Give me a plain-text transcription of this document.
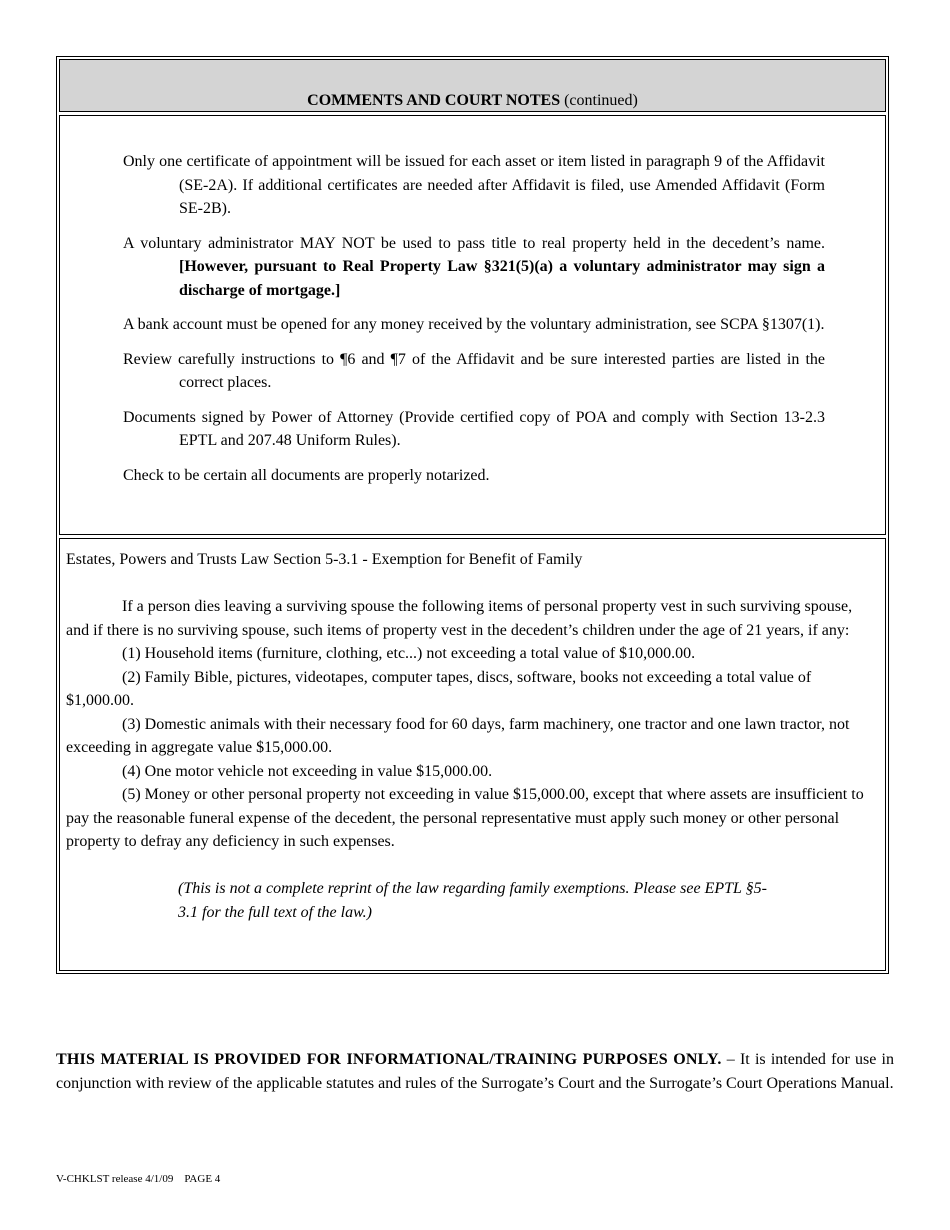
COMMENTS AND COURT NOTES (continued)

Only one certificate of appointment will be issued for each asset or item listed in paragraph 9 of the Affidavit (SE-2A). If additional certificates are needed after Affidavit is filed, use Amended Affidavit (Form SE-2B).

A voluntary administrator MAY NOT be used to pass title to real property held in the decedent’s name. [However, pursuant to Real Property Law §321(5)(a) a voluntary administrator may sign a discharge of mortgage.]

A bank account must be opened for any money received by the voluntary administration, see SCPA §1307(1).

Review carefully instructions to ¶6 and ¶7 of the Affidavit and be sure interested parties are listed in the correct places.

Documents signed by Power of Attorney (Provide certified copy of POA and comply with Section 13-2.3 EPTL and 207.48 Uniform Rules).

Check to be certain all documents are properly notarized.

Estates, Powers and Trusts Law Section 5-3.1 - Exemption for Benefit of Family

If a person dies leaving a surviving spouse the following items of personal property vest in such surviving spouse, and if there is no surviving spouse, such items of property vest in the decedent’s children under the age of 21 years, if any:

(1) Household items (furniture, clothing, etc...) not exceeding a total value of $10,000.00.

(2) Family Bible, pictures, videotapes, computer tapes, discs, software, books not exceeding a total value of $1,000.00.

(3) Domestic animals with their necessary food for 60 days, farm machinery, one tractor and one lawn tractor, not exceeding in aggregate value $15,000.00.

(4) One motor vehicle not exceeding in value $15,000.00.

(5) Money or other personal property not exceeding in value $15,000.00, except that where assets are insufficient to pay the reasonable funeral expense of the decedent, the personal representative must apply such money or other personal property to defray any deficiency in such expenses.

(This is not a complete reprint of the law regarding family exemptions. Please see EPTL §5-3.1 for the full text of the law.)

THIS MATERIAL IS PROVIDED FOR INFORMATIONAL/TRAINING PURPOSES ONLY. – It is intended for use in conjunction with review of the applicable statutes and rules of the Surrogate’s Court and the Surrogate’s Court Operations Manual.
V-CHKLST release 4/1/09    PAGE 4
